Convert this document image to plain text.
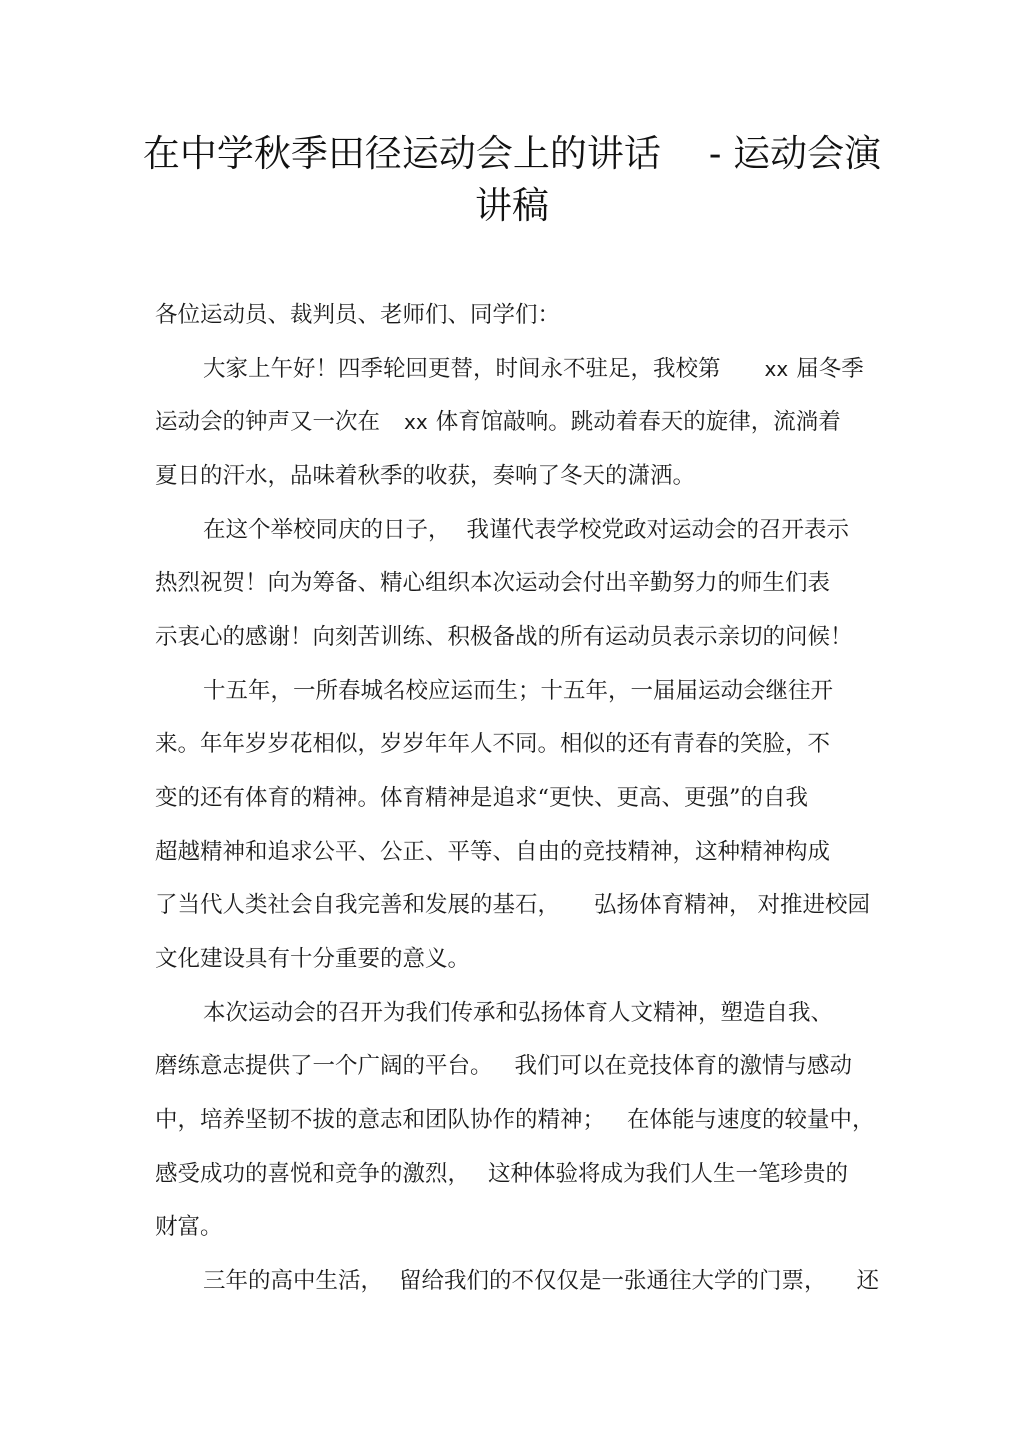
在中学秋季田径运动会上的讲话 - 运动会演
讲稿
各位运动员、裁判员、老师们、同学们：
大家上午好！四季轮回更替，时间永不驻足，我校第 xx 届冬季
运动会的钟声又一次在 xx 体育馆敲响。跳动着春天的旋律，流淌着
夏日的汗水，品味着秋季的收获，奏响了冬天的潇洒。
在这个举校同庆的日子， 我谨代表学校党政对运动会的召开表示
热烈祝贺！向为筹备、精心组织本次运动会付出辛勤努力的师生们表
示衷心的感谢！向刻苦训练、积极备战的所有运动员表示亲切的问候！
十五年，一所春城名校应运而生；十五年，一届届运动会继往开
来。年年岁岁花相似，岁岁年年人不同。相似的还有青春的笑脸，不
变的还有体育的精神。体育精神是追求“更快、更高、更强”的自我
超越精神和追求公平、公正、平等、自由的竞技精神，这种精神构成
了当代人类社会自我完善和发展的基石， 弘扬体育精神， 对推进校园
文化建设具有十分重要的意义。
本次运动会的召开为我们传承和弘扬体育人文精神，塑造自我、
磨练意志提供了一个广阔的平台。 我们可以在竞技体育的激情与感动
中，培养坚韧不拔的意志和团队协作的精神； 在体能与速度的较量中，
感受成功的喜悦和竞争的激烈， 这种体验将成为我们人生一笔珍贵的
财富。
三年的高中生活， 留给我们的不仅仅是一张通往大学的门票， 还
